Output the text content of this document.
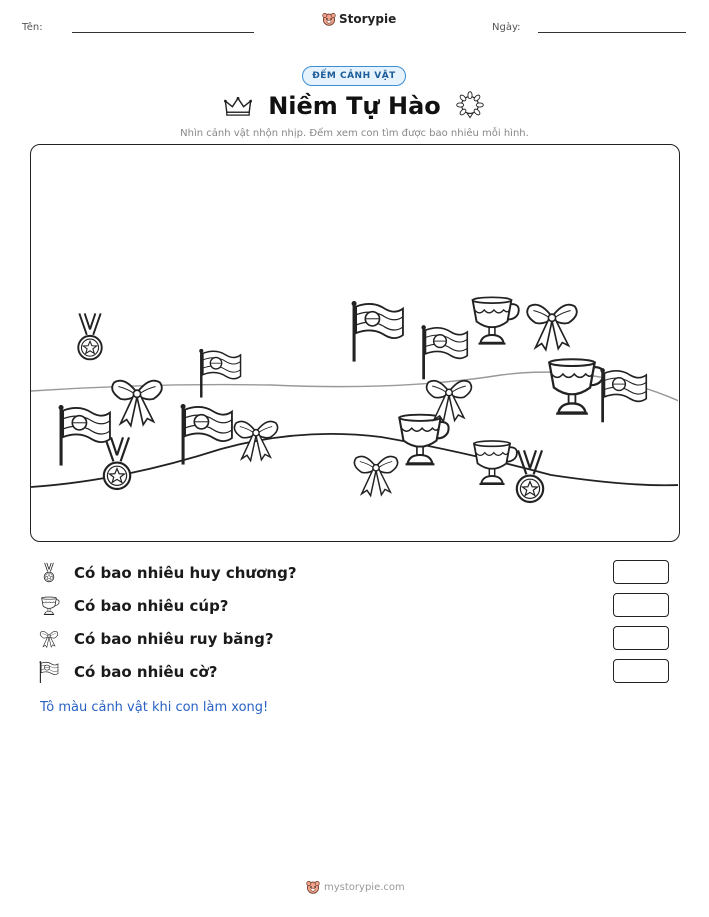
Tên:
Storypie
Ngày:
ĐẾM CẢNH VẬT
Niềm Tự Hào
Nhìn cảnh vật nhộn nhịp. Đếm xem con tìm được bao nhiêu mỗi hình.
Có bao nhiêu huy chương?
Có bao nhiêu cúp?
Có bao nhiêu ruy băng?
Có bao nhiêu cờ?
Tô màu cảnh vật khi con làm xong!
mystorypie.com
